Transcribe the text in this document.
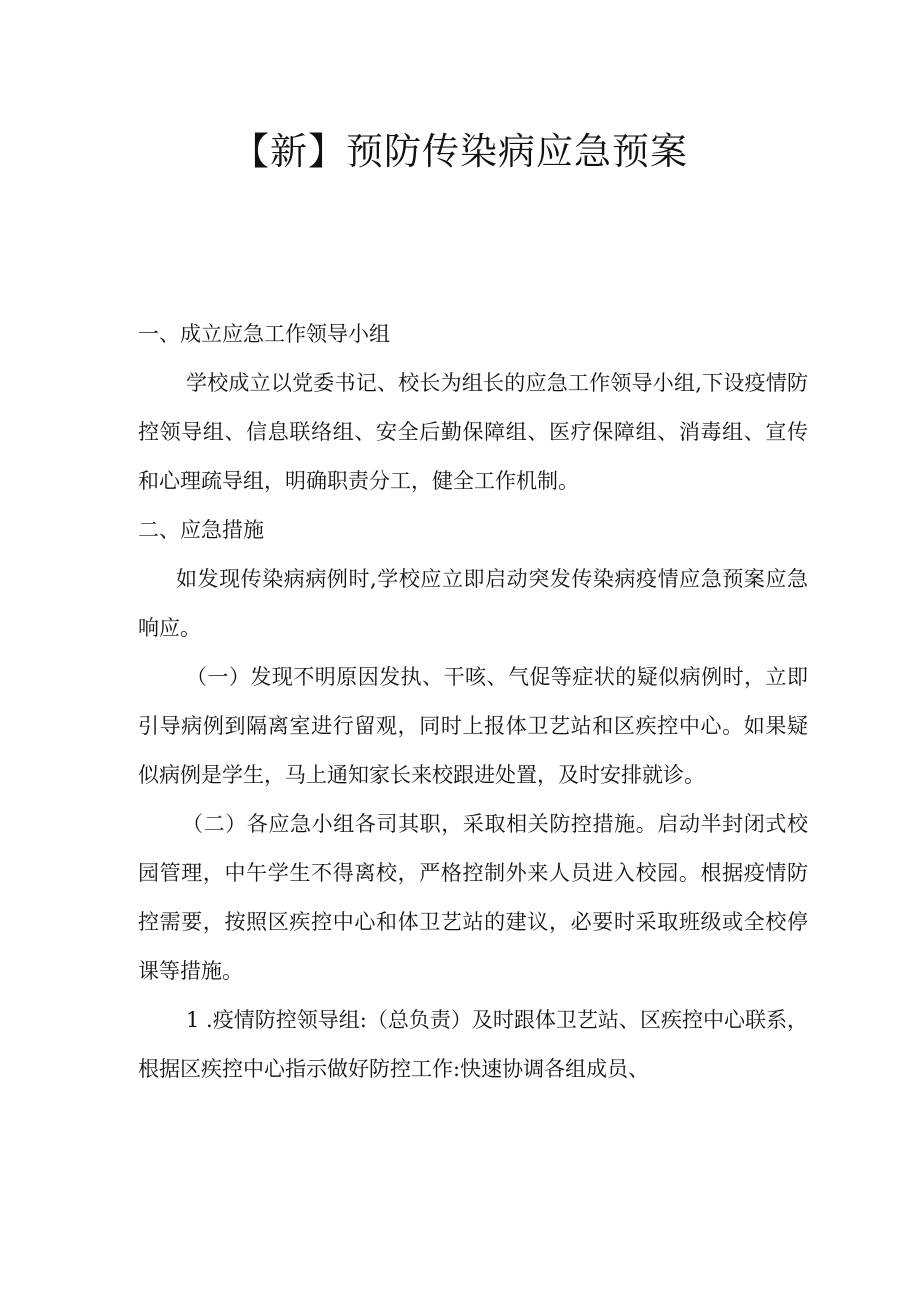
【新】预防传染病应急预案

一、成立应急工作领导小组

学校成立以党委书记、校长为组长的应急工作领导小组,下设疫情防控领导组、信息联络组、安全后勤保障组、医疗保障组、消毒组、宣传和心理疏导组，明确职责分工，健全工作机制。

二、应急措施

如发现传染病病例时,学校应立即启动突发传染病疫情应急预案应急响应。

（一）发现不明原因发执、干咳、气促等症状的疑似病例时，立即引导病例到隔离室进行留观，同时上报体卫艺站和区疾控中心。如果疑似病例是学生，马上通知家长来校跟进处置，及时安排就诊。

（二）各应急小组各司其职，采取相关防控措施。启动半封闭式校园管理，中午学生不得离校，严格控制外来人员进入校园。根据疫情防控需要，按照区疾控中心和体卫艺站的建议，必要时采取班级或全校停课等措施。

1 .疫情防控领导组:（总负责）及时跟体卫艺站、区疾控中心联系，根据区疾控中心指示做好防控工作:快速协调各组成员、
